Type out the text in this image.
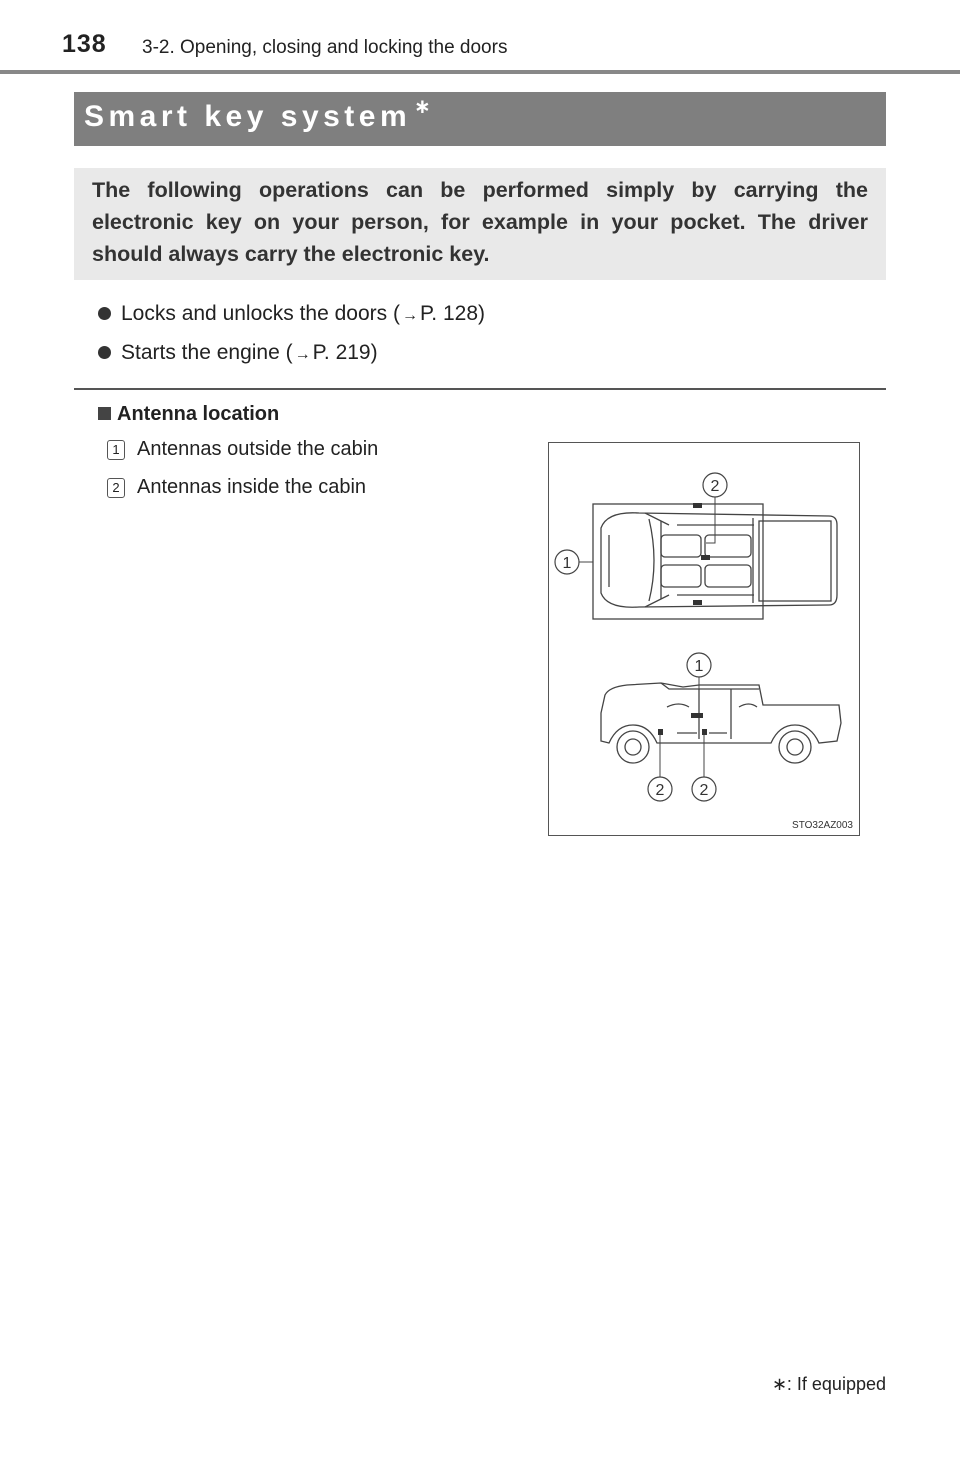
138 3-2. Opening, closing and locking the doors
Smart key system ∗
The following operations can be performed simply by carrying the electronic key on your person, for example in your pocket. The driver should always carry the electronic key.
Locks and unlocks the doors ( →P. 128)
Starts the engine ( →P. 219)
Antenna location
1 Antennas outside the cabin
2 Antennas inside the cabin	2
1
1
2 2
STO32AZ003
∗: If equipped
